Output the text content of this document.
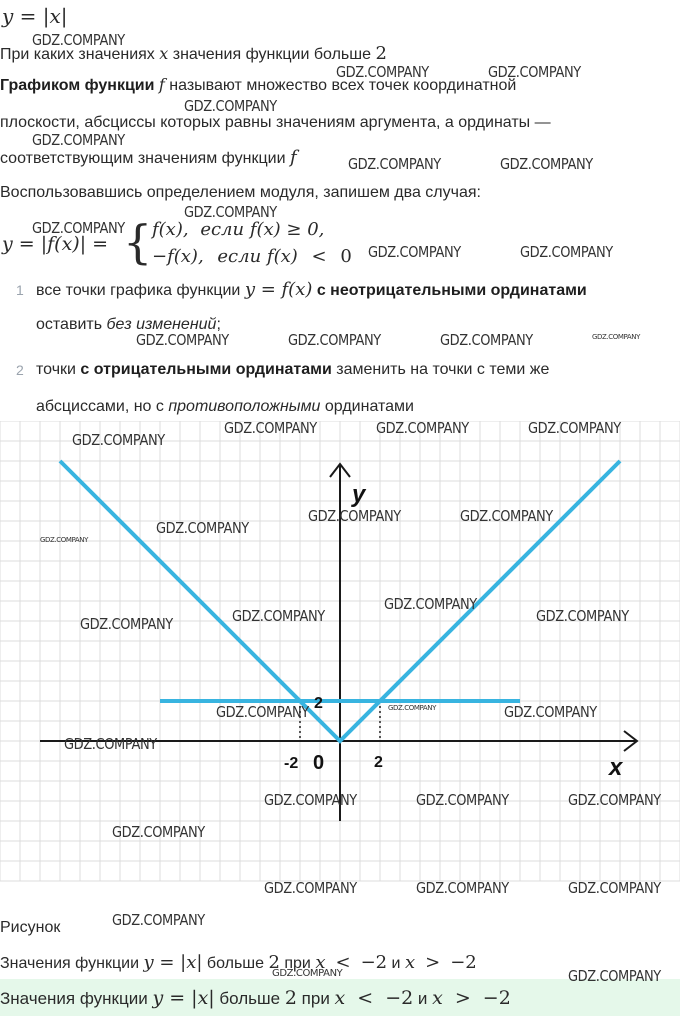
y = |x|
При каких значениях x значения функции больше 2
Графиком функции f называют множество всех точек координатной
плоскости, абсциссы которых равны значениям аргумента, а ординаты —
соответствующим значениям функции f
Воспользовавшись определением модуля, запишем два случая:
y = |f(x)| = { f(x), если f(x) ≥ 0,
−f(x), если f(x) < 0
1 все точки графика функции y = f(x) с неотрицательными ординатами
оставить без изменений;
2 точки с отрицательными ординатами заменить на точки с теми же
абсциссами, но с противоположными ординатами
y
x
0
-2	2
2
Рисунок
Значения функции y = |x| больше 2 при x < −2 и x > −2
Значения функции y = |x| больше 2 при x < −2 и x > −2
GDZ.COMPANY
GDZ.COMPANY	GDZ.COMPANY
GDZ.COMPANY
GDZ.COMPANY
GDZ.COMPANY	GDZ.COMPANY
GDZ.COMPANY
GDZ.COMPANY
GDZ.COMPANY	GDZ.COMPANY
GDZ.COMPANY	GDZ.COMPANY	GDZ.COMPANY
GDZ.COMPANY
GDZ.COMPANY	GDZ.COMPANY	GDZ.COMPANY
GDZ.COMPANY
GDZ.COMPANY	GDZ.COMPANY
GDZ.COMPANY	GDZ.COMPANY
GDZ.COMPANY
GDZ.COMPANY
GDZ.COMPANY	GDZ.COMPANY
GDZ.COMPANY
GDZ.COMPANY	GDZ.COMPANY	GDZ.COMPANY
GDZ.COMPANY
GDZ.COMPANY	GDZ.COMPANY	GDZ.COMPANY
GDZ.COMPANY
GDZ.COMPANY
GDZ.COMPANY
GDZ.COMPANY
GDZ.COMPANY
GDZ.COMPANY
